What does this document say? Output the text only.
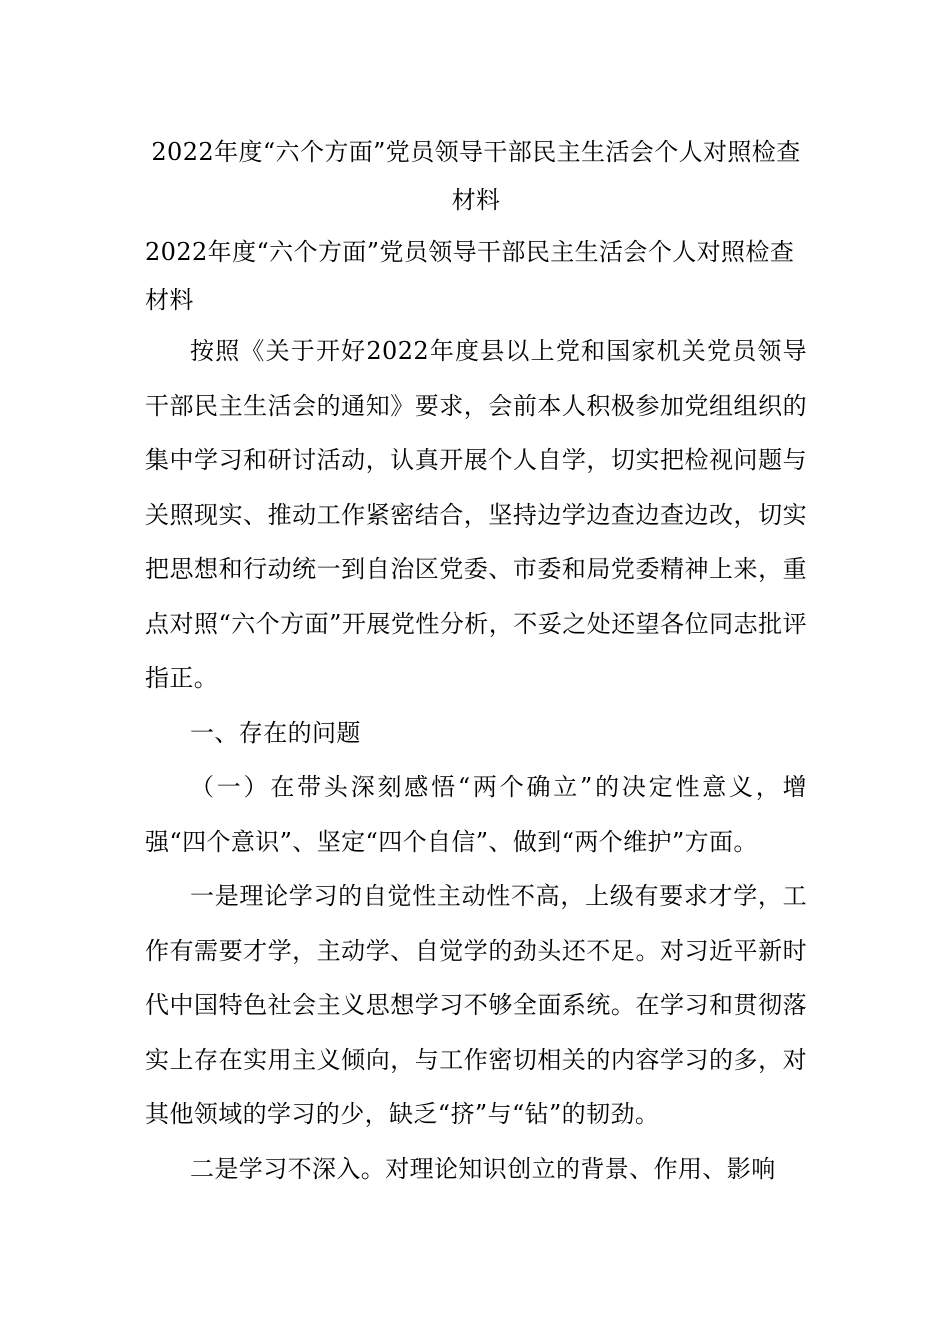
2022年度“六个方面”党员领导干部民主生活会个人对照检查材料
2022年度“六个方面”党员领导干部民主生活会个人对照检查材料

按照《关于开好2022年度县以上党和国家机关党员领导干部民主生活会的通知》要求，会前本人积极参加党组组织的集中学习和研讨活动，认真开展个人自学，切实把检视问题与关照现实、推动工作紧密结合，坚持边学边查边查边改，切实把思想和行动统一到自治区党委、市委和局党委精神上来，重点对照“六个方面”开展党性分析，不妥之处还望各位同志批评指正。

一、存在的问题

（一）在带头深刻感悟“两个确立”的决定性意义，增强“四个意识”、坚定“四个自信”、做到“两个维护”方面。

一是理论学习的自觉性主动性不高，上级有要求才学，工作有需要才学，主动学、自觉学的劲头还不足。对习近平新时代中国特色社会主义思想学习不够全面系统。在学习和贯彻落实上存在实用主义倾向，与工作密切相关的内容学习的多，对其他领域的学习的少，缺乏“挤”与“钻”的韧劲。

二是学习不深入。对理论知识创立的背景、作用、影响
